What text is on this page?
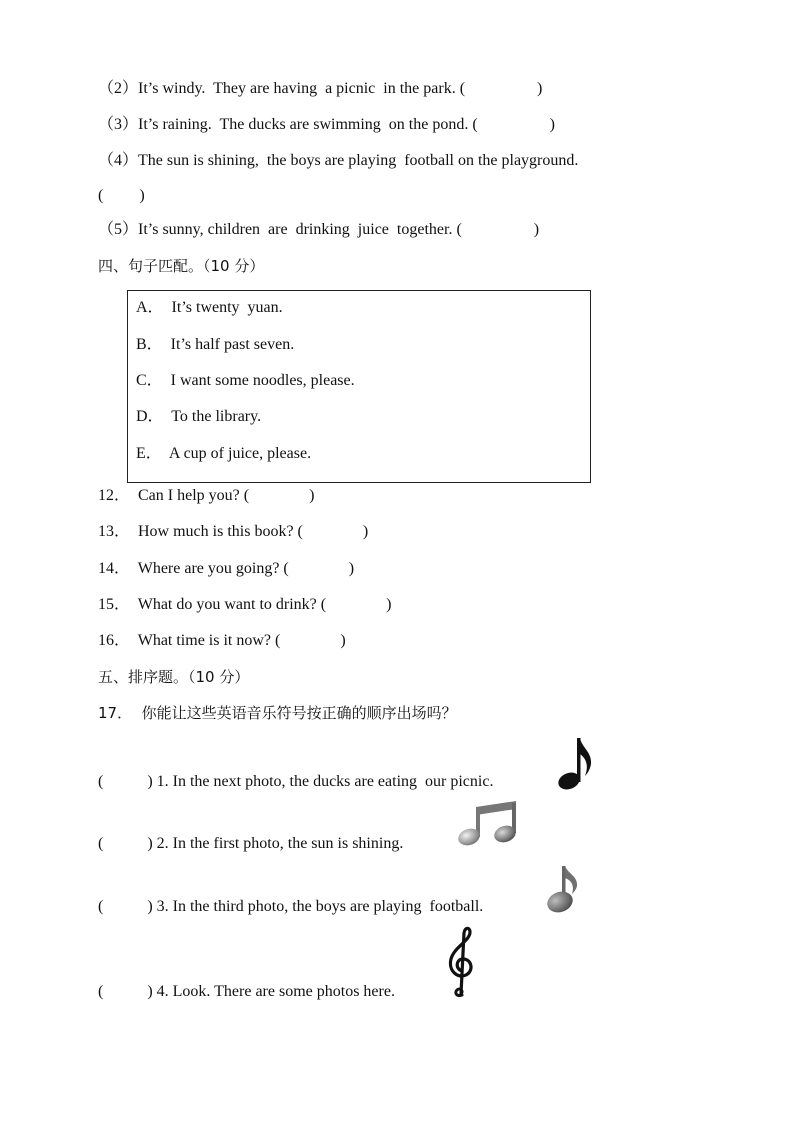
（2）It’s windy.  They are having  a picnic  in the park. (                  )
（3）It’s raining.  The ducks are swimming  on the pond. (                  )
（4）The sun is shining,  the boys are playing  football on the playground.
(         )
（5）It’s sunny, children  are  drinking  juice  together. (                  )
四、句子匹配。（10 分）
A．  It’s twenty  yuan.
B．  It’s half past seven.
C．  I want some noodles, please.
D．  To the library.
E．  A cup of juice, please.
12．  Can I help you? (               )
13．  How much is this book? (               )
14．  Where are you going? (               )
15．  What do you want to drink? (               )
16．  What time is it now? (               )
五、排序题。（10 分）
17．  你能让这些英语音乐符号按正确的顺序出场吗？
(           ) 1. In the next photo, the ducks are eating  our picnic.
(           ) 2. In the first photo, the sun is shining.
(           ) 3. In the third photo, the boys are playing  football.
(           ) 4. Look. There are some photos here.
